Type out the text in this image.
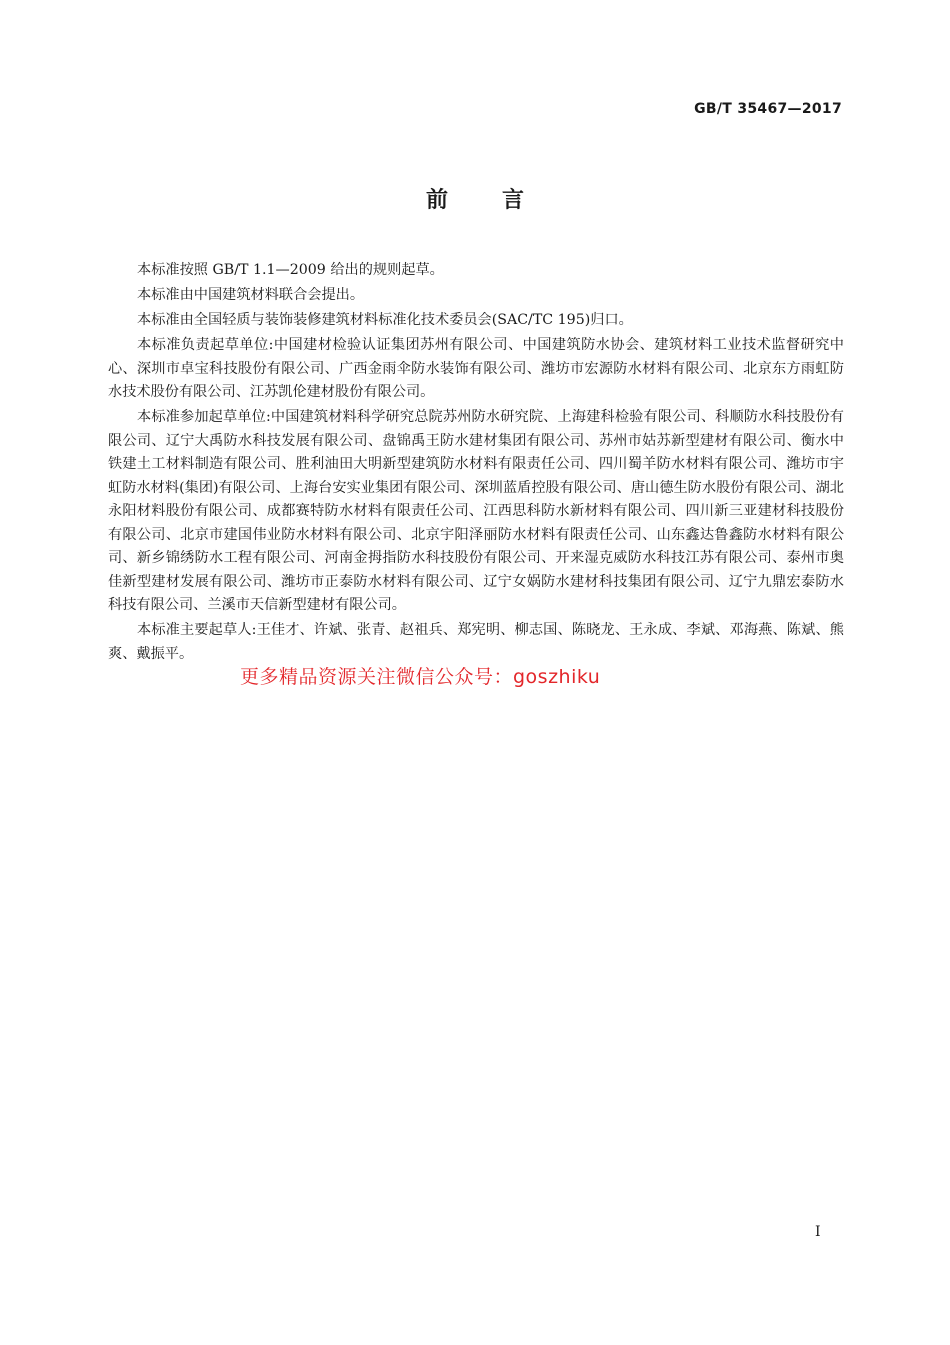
GB/T 35467—2017
前言

本标准按照 GB/T 1.1—2009 给出的规则起草。

本标准由中国建筑材料联合会提出。

本标准由全国轻质与装饰装修建筑材料标准化技术委员会(SAC/TC 195)归口。

本标准负责起草单位:中国建材检验认证集团苏州有限公司、中国建筑防水协会、建筑材料工业技术监督研究中心、深圳市卓宝科技股份有限公司、广西金雨伞防水装饰有限公司、潍坊市宏源防水材料有限公司、北京东方雨虹防水技术股份有限公司、江苏凯伦建材股份有限公司。

本标准参加起草单位:中国建筑材料科学研究总院苏州防水研究院、上海建科检验有限公司、科顺防水科技股份有限公司、辽宁大禹防水科技发展有限公司、盘锦禹王防水建材集团有限公司、苏州市姑苏新型建材有限公司、衡水中铁建土工材料制造有限公司、胜利油田大明新型建筑防水材料有限责任公司、四川蜀羊防水材料有限公司、潍坊市宇虹防水材料(集团)有限公司、上海台安实业集团有限公司、深圳蓝盾控股有限公司、唐山德生防水股份有限公司、湖北永阳材料股份有限公司、成都赛特防水材料有限责任公司、江西思科防水新材料有限公司、四川新三亚建材科技股份有限公司、北京市建国伟业防水材料有限公司、北京宇阳泽丽防水材料有限责任公司、山东鑫达鲁鑫防水材料有限公司、新乡锦绣防水工程有限公司、河南金拇指防水科技股份有限公司、开来湿克威防水科技江苏有限公司、泰州市奥佳新型建材发展有限公司、潍坊市正泰防水材料有限公司、辽宁女娲防水建材科技集团有限公司、辽宁九鼎宏泰防水科技有限公司、兰溪市天信新型建材有限公司。

本标准主要起草人:王佳才、许斌、张青、赵祖兵、郑宪明、柳志国、陈晓龙、王永成、李斌、邓海燕、陈斌、熊爽、戴振平。

更多精品资源关注微信公众号：goszhiku
I
